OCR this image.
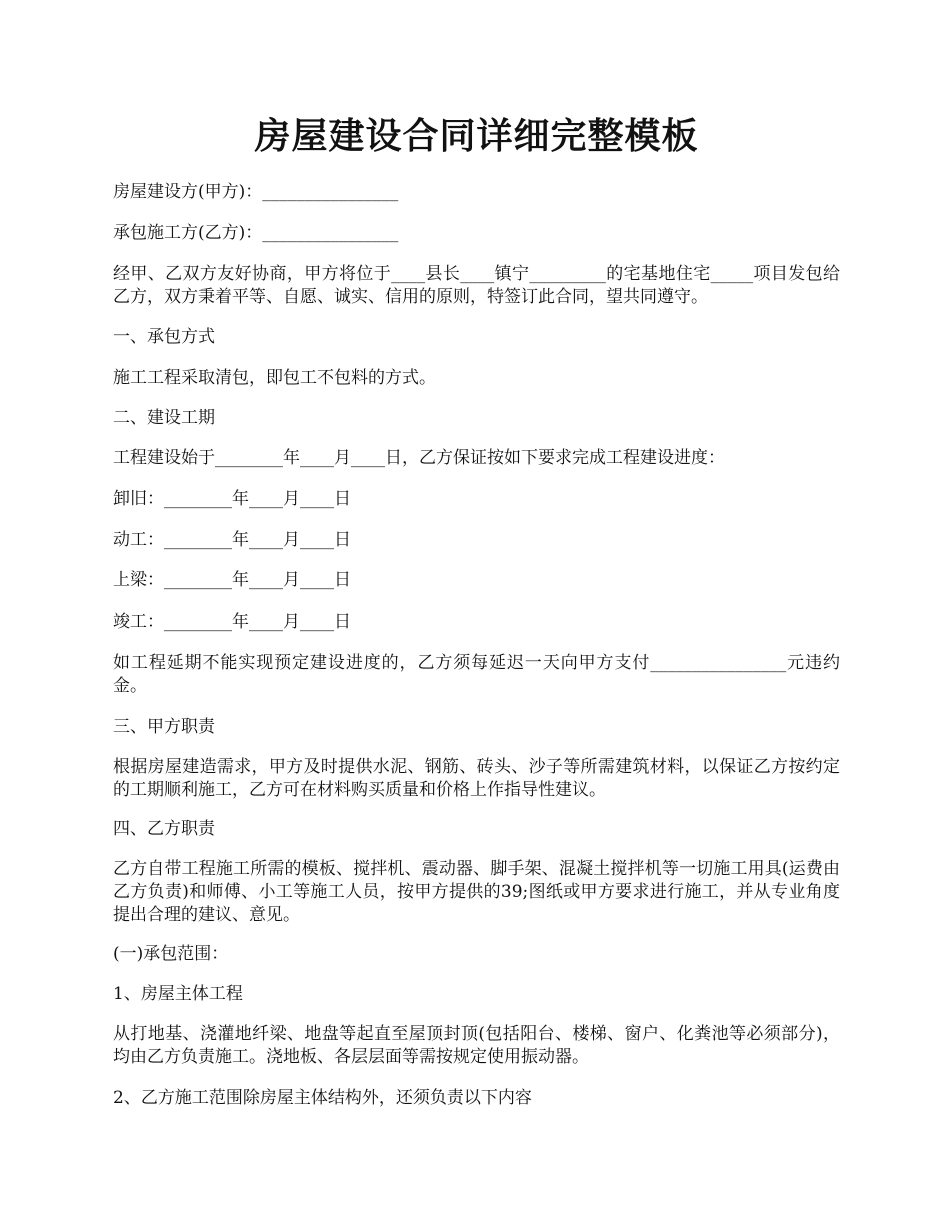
房屋建设合同详细完整模板

房屋建设方(甲方)：________________

承包施工方(乙方)：________________

经甲、乙双方友好协商，甲方将位于____县长____镇宁_________的宅基地住宅_____项目发包给乙方，双方秉着平等、自愿、诚实、信用的原则，特签订此合同，望共同遵守。

一、承包方式

施工工程采取清包，即包工不包料的方式。

二、建设工期

工程建设始于________年____月____日，乙方保证按如下要求完成工程建设进度：

卸旧：________年____月____日

动工：________年____月____日

上梁：________年____月____日

竣工：________年____月____日

如工程延期不能实现预定建设进度的，乙方须每延迟一天向甲方支付________________元违约金。

三、甲方职责

根据房屋建造需求，甲方及时提供水泥、钢筋、砖头、沙子等所需建筑材料，以保证乙方按约定的工期顺利施工，乙方可在材料购买质量和价格上作指导性建议。

四、乙方职责

乙方自带工程施工所需的模板、搅拌机、震动器、脚手架、混凝土搅拌机等一切施工用具(运费由乙方负责)和师傅、小工等施工人员，按甲方提供的39;图纸或甲方要求进行施工，并从专业角度提出合理的建议、意见。

(一)承包范围：

1、房屋主体工程

从打地基、浇灌地纤梁、地盘等起直至屋顶封顶(包括阳台、楼梯、窗户、化粪池等必须部分)，均由乙方负责施工。浇地板、各层层面等需按规定使用振动器。

2、乙方施工范围除房屋主体结构外，还须负责以下内容
